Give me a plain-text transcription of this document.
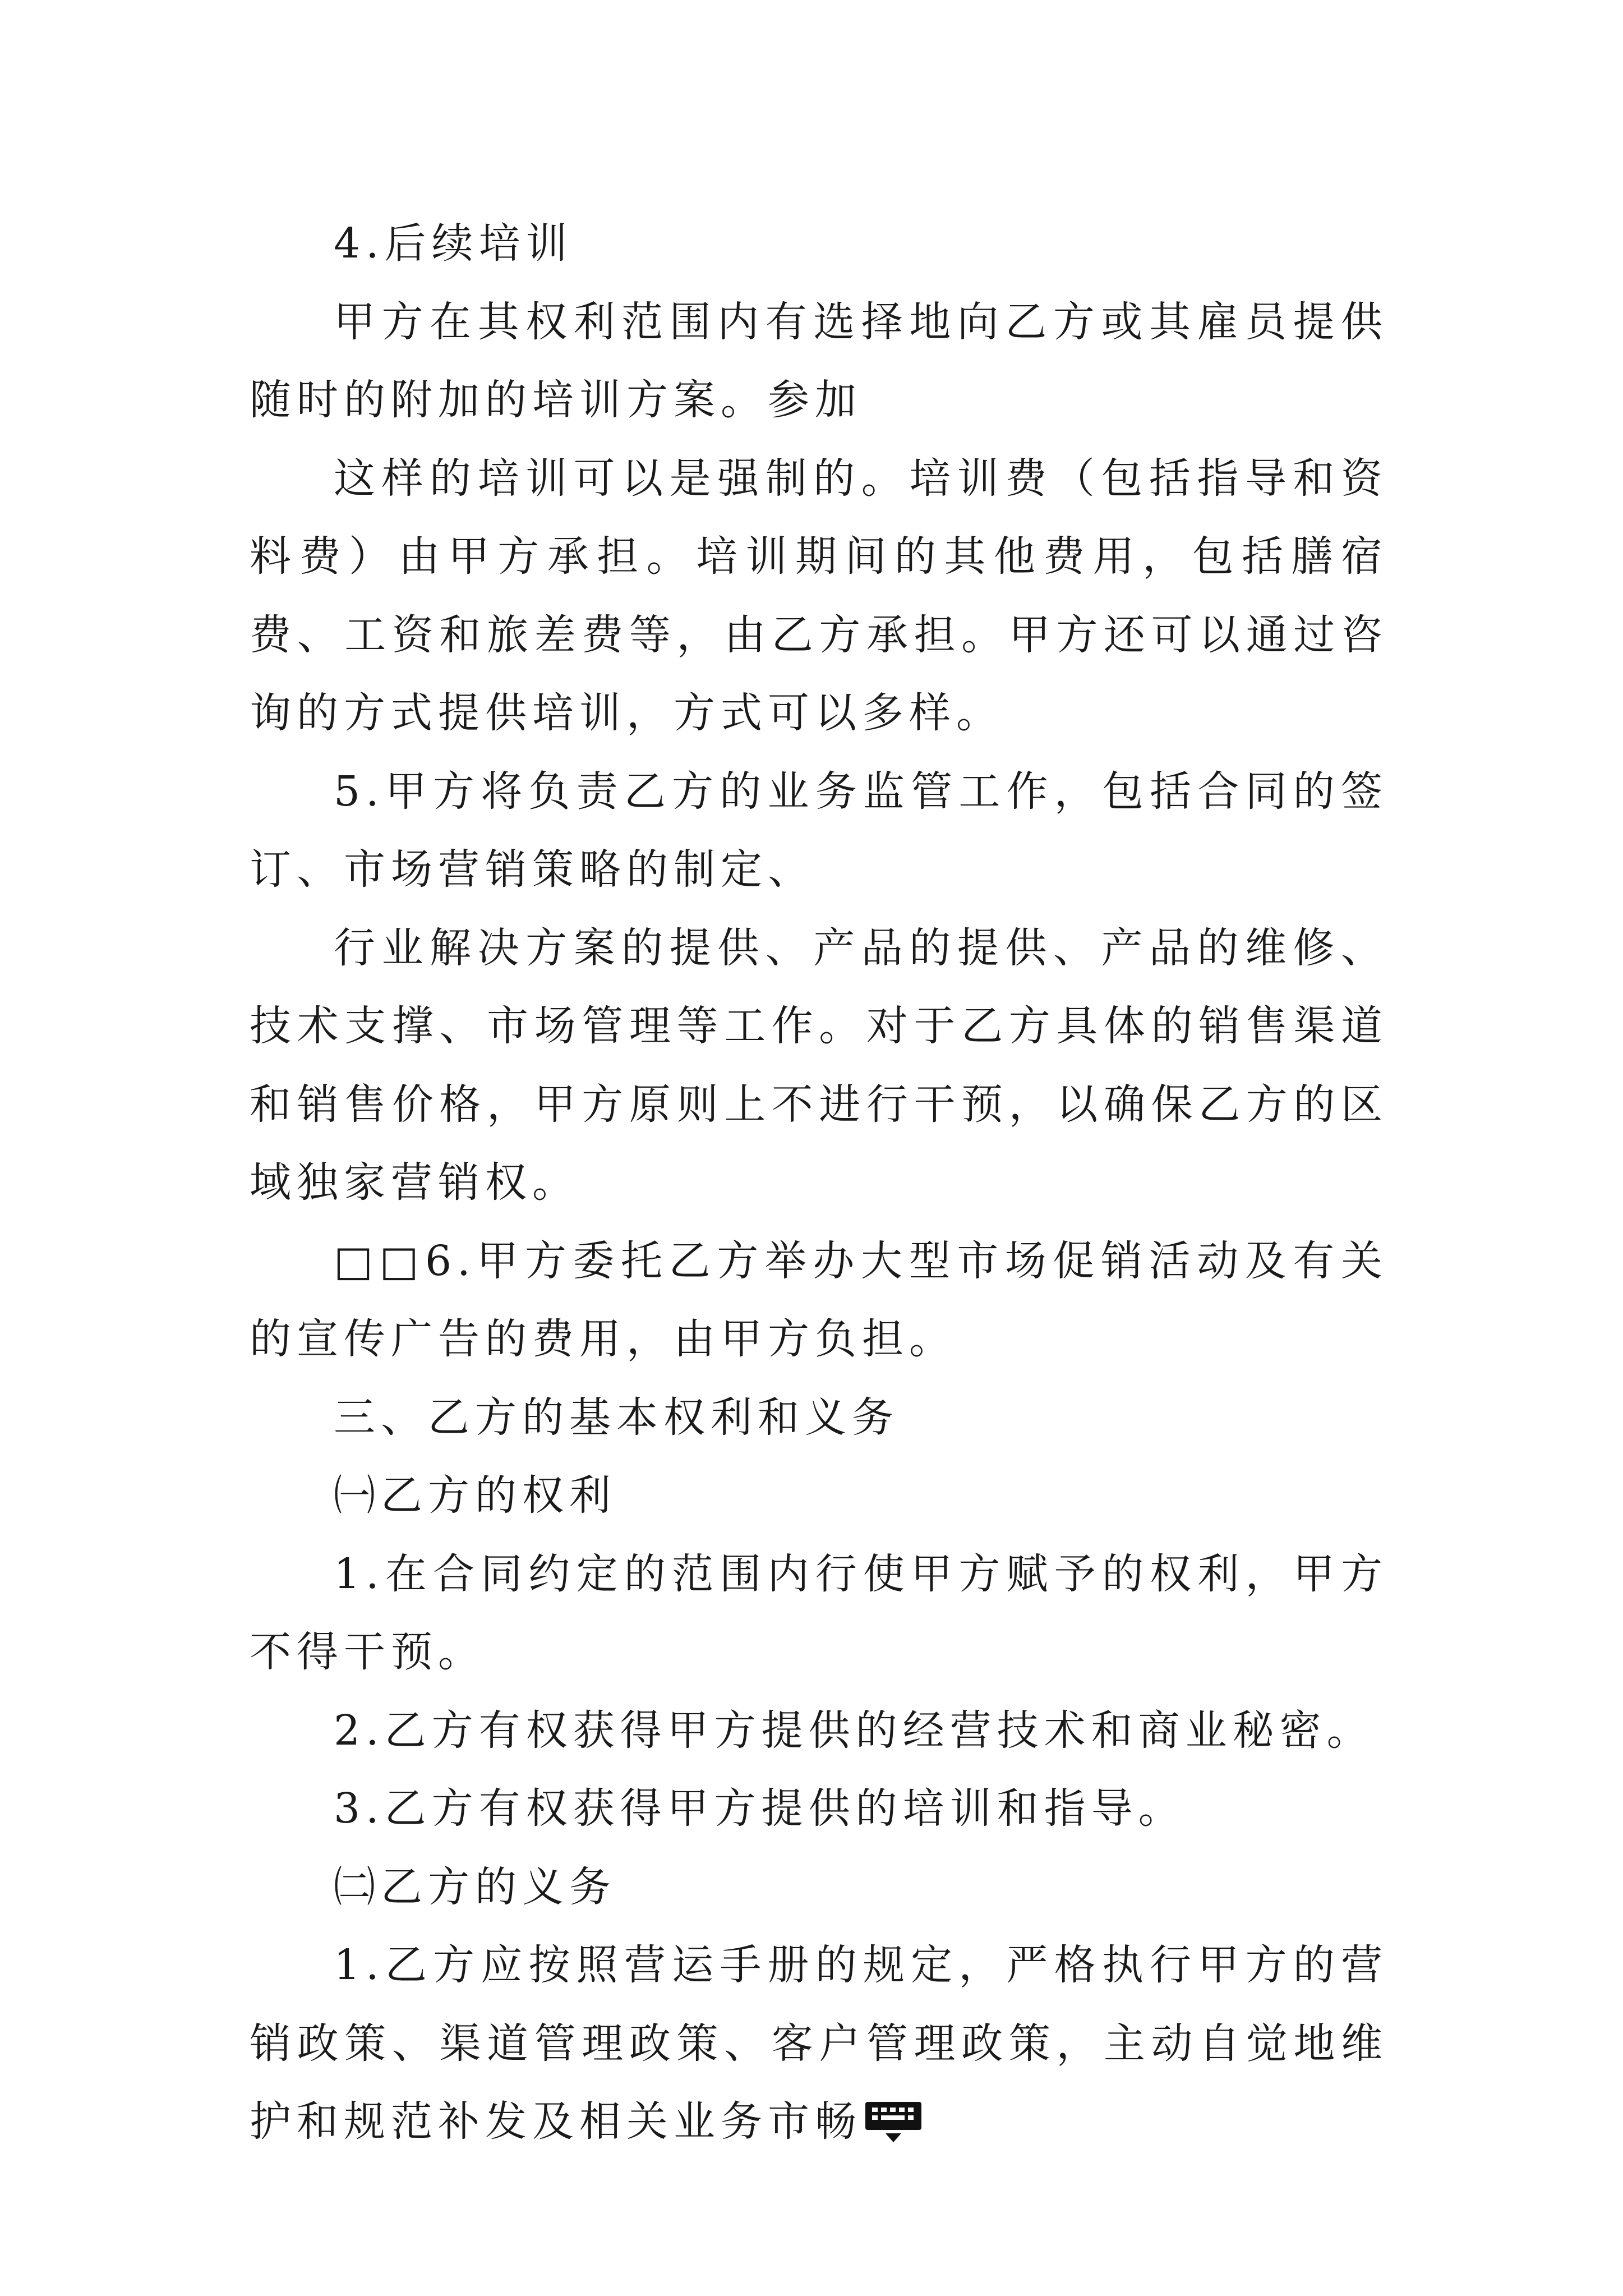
4.后续培训

甲方在其权利范围内有选择地向乙方或其雇员提供随时的附加的培训方案。参加

这样的培训可以是强制的。培训费（包括指导和资料费）由甲方承担。培训期间的其他费用，包括膳宿费、工资和旅差费等，由乙方承担。甲方还可以通过咨询的方式提供培训，方式可以多样。

5.甲方将负责乙方的业务监管工作，包括合同的签订、市场营销策略的制定、

行业解决方案的提供、产品的提供、产品的维修、技术支撑、市场管理等工作。对于乙方具体的销售渠道和销售价格，甲方原则上不进行干预，以确保乙方的区域独家营销权。

□□6.甲方委托乙方举办大型市场促销活动及有关的宣传广告的费用，由甲方负担。

三、乙方的基本权利和义务

㈠乙方的权利

1.在合同约定的范围内行使甲方赋予的权利，甲方不得干预。

2.乙方有权获得甲方提供的经营技术和商业秘密。

3.乙方有权获得甲方提供的培训和指导。

㈡乙方的义务

1.乙方应按照营运手册的规定，严格执行甲方的营销政策、渠道管理政策、客户管理政策，主动自觉地维护和规范补发及相关业务市畅
